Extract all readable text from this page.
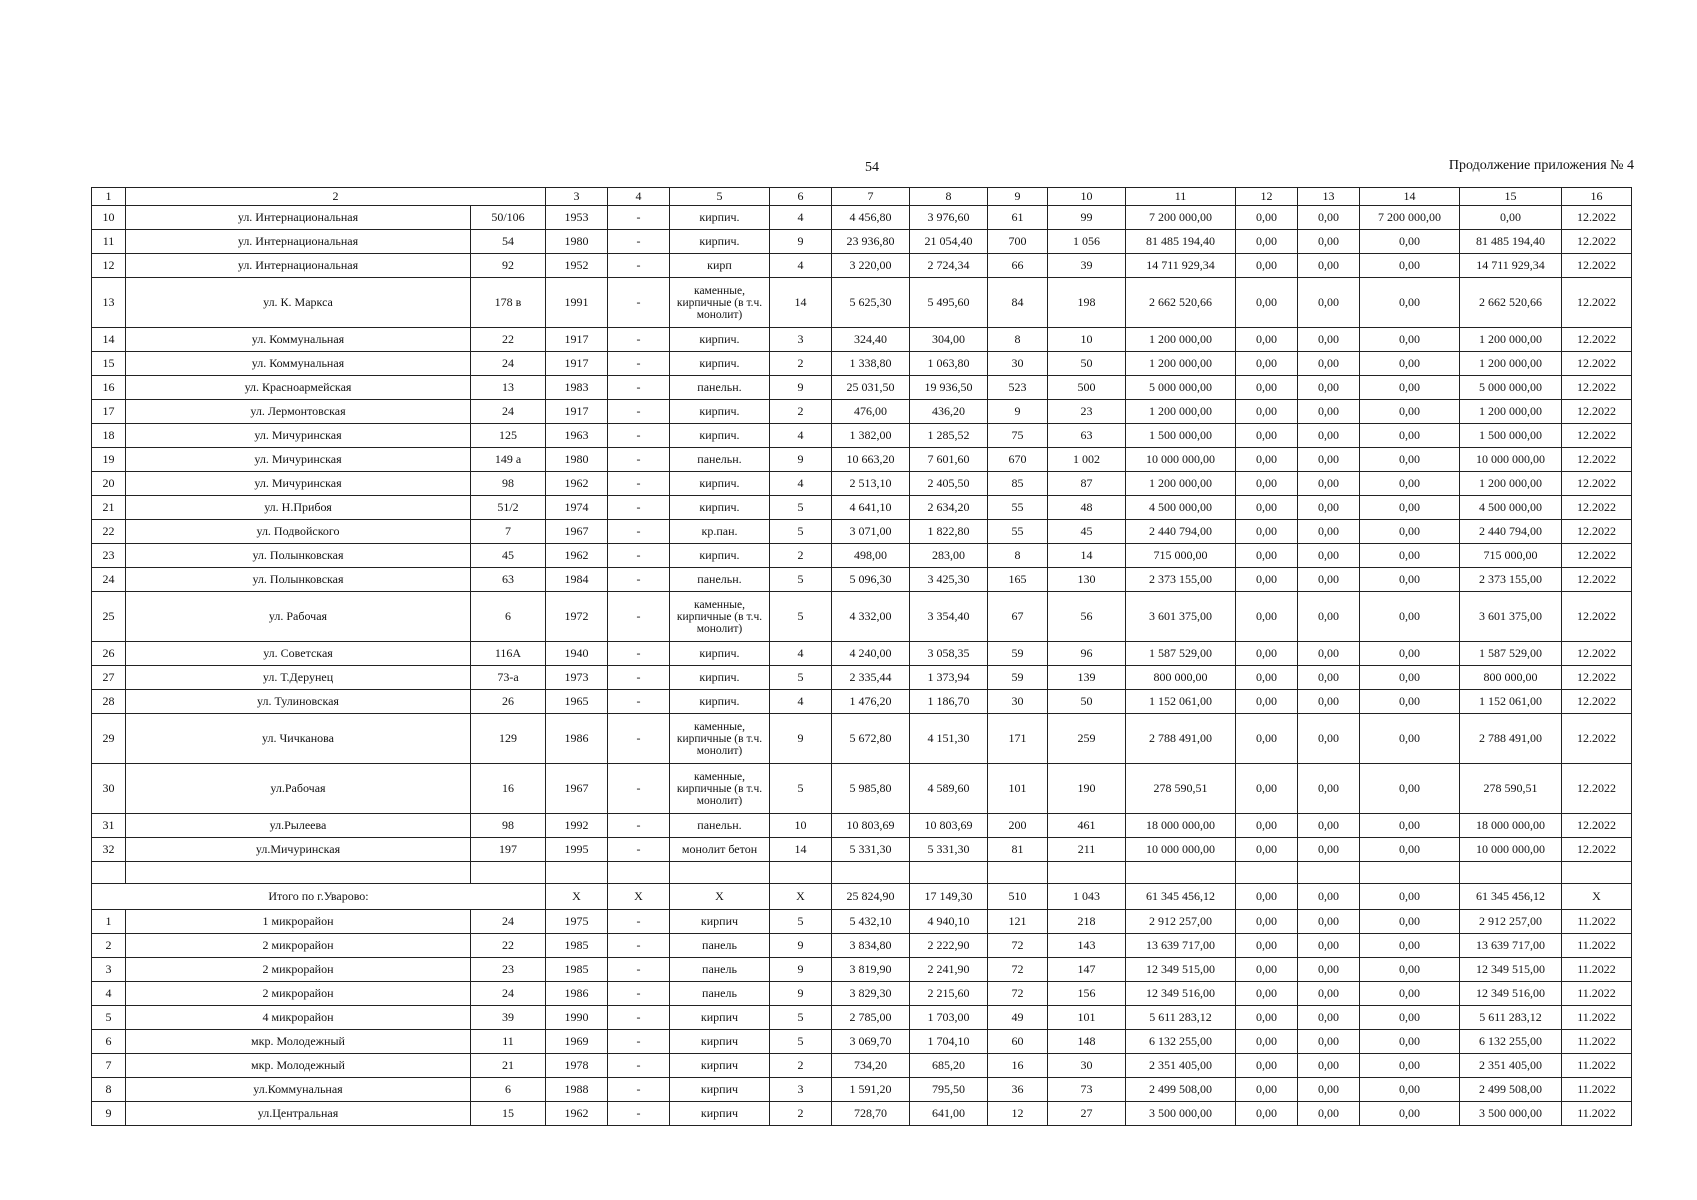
54	Продолжение приложения № 4
1	2		3	4	5	6	7	8	9	10	11	12	13	14	15	16
10	ул. Интернациональная	50/106	1953	-	кирпич.	4	4 456,80	3 976,60	61	99	7 200 000,00	0,00	0,00	7 200 000,00	0,00	12.2022
11	ул. Интернациональная	54	1980	-	кирпич.	9	23 936,80	21 054,40	700	1 056	81 485 194,40	0,00	0,00	0,00	81 485 194,40	12.2022
12	ул. Интернациональная	92	1952	-	кирп	4	3 220,00	2 724,34	66	39	14 711 929,34	0,00	0,00	0,00	14 711 929,34	12.2022
13	ул. К. Маркса	178 в	1991	-	каменные, кирпичные (в т.ч. монолит)	14	5 625,30	5 495,60	84	198	2 662 520,66	0,00	0,00	0,00	2 662 520,66	12.2022
14	ул. Коммунальная	22	1917	-	кирпич.	3	324,40	304,00	8	10	1 200 000,00	0,00	0,00	0,00	1 200 000,00	12.2022
15	ул. Коммунальная	24	1917	-	кирпич.	2	1 338,80	1 063,80	30	50	1 200 000,00	0,00	0,00	0,00	1 200 000,00	12.2022
16	ул. Красноармейская	13	1983	-	панельн.	9	25 031,50	19 936,50	523	500	5 000 000,00	0,00	0,00	0,00	5 000 000,00	12.2022
17	ул. Лермонтовская	24	1917	-	кирпич.	2	476,00	436,20	9	23	1 200 000,00	0,00	0,00	0,00	1 200 000,00	12.2022
18	ул. Мичуринская	125	1963	-	кирпич.	4	1 382,00	1 285,52	75	63	1 500 000,00	0,00	0,00	0,00	1 500 000,00	12.2022
19	ул. Мичуринская	149 а	1980	-	панельн.	9	10 663,20	7 601,60	670	1 002	10 000 000,00	0,00	0,00	0,00	10 000 000,00	12.2022
20	ул. Мичуринская	98	1962	-	кирпич.	4	2 513,10	2 405,50	85	87	1 200 000,00	0,00	0,00	0,00	1 200 000,00	12.2022
21	ул. Н.Прибоя	51/2	1974	-	кирпич.	5	4 641,10	2 634,20	55	48	4 500 000,00	0,00	0,00	0,00	4 500 000,00	12.2022
22	ул. Подвойского	7	1967	-	кр.пан.	5	3 071,00	1 822,80	55	45	2 440 794,00	0,00	0,00	0,00	2 440 794,00	12.2022
23	ул. Полынковская	45	1962	-	кирпич.	2	498,00	283,00	8	14	715 000,00	0,00	0,00	0,00	715 000,00	12.2022
24	ул. Полынковская	63	1984	-	панельн.	5	5 096,30	3 425,30	165	130	2 373 155,00	0,00	0,00	0,00	2 373 155,00	12.2022
25	ул. Рабочая	6	1972	-	каменные, кирпичные (в т.ч. монолит)	5	4 332,00	3 354,40	67	56	3 601 375,00	0,00	0,00	0,00	3 601 375,00	12.2022
26	ул. Советская	116А	1940	-	кирпич.	4	4 240,00	3 058,35	59	96	1 587 529,00	0,00	0,00	0,00	1 587 529,00	12.2022
27	ул. Т.Дерунец	73-а	1973	-	кирпич.	5	2 335,44	1 373,94	59	139	800 000,00	0,00	0,00	0,00	800 000,00	12.2022
28	ул. Тулиновская	26	1965	-	кирпич.	4	1 476,20	1 186,70	30	50	1 152 061,00	0,00	0,00	0,00	1 152 061,00	12.2022
29	ул. Чичканова	129	1986	-	каменные, кирпичные (в т.ч. монолит)	9	5 672,80	4 151,30	171	259	2 788 491,00	0,00	0,00	0,00	2 788 491,00	12.2022
30	ул.Рабочая	16	1967	-	каменные, кирпичные (в т.ч. монолит)	5	5 985,80	4 589,60	101	190	278 590,51	0,00	0,00	0,00	278 590,51	12.2022
31	ул.Рылеева	98	1992	-	панельн.	10	10 803,69	10 803,69	200	461	18 000 000,00	0,00	0,00	0,00	18 000 000,00	12.2022
32	ул.Мичуринская	197	1995	-	монолит бетон	14	5 331,30	5 331,30	81	211	10 000 000,00	0,00	0,00	0,00	10 000 000,00	12.2022

Итого по г.Уварово:			X	X	X	X	25 824,90	17 149,30	510	1 043	61 345 456,12	0,00	0,00	0,00	61 345 456,12	X
1	1 микрорайон	24	1975	-	кирпич	5	5 432,10	4 940,10	121	218	2 912 257,00	0,00	0,00	0,00	2 912 257,00	11.2022
2	2 микрорайон	22	1985	-	панель	9	3 834,80	2 222,90	72	143	13 639 717,00	0,00	0,00	0,00	13 639 717,00	11.2022
3	2 микрорайон	23	1985	-	панель	9	3 819,90	2 241,90	72	147	12 349 515,00	0,00	0,00	0,00	12 349 515,00	11.2022
4	2 микрорайон	24	1986	-	панель	9	3 829,30	2 215,60	72	156	12 349 516,00	0,00	0,00	0,00	12 349 516,00	11.2022
5	4 микрорайон	39	1990	-	кирпич	5	2 785,00	1 703,00	49	101	5 611 283,12	0,00	0,00	0,00	5 611 283,12	11.2022
6	мкр. Молодежный	11	1969	-	кирпич	5	3 069,70	1 704,10	60	148	6 132 255,00	0,00	0,00	0,00	6 132 255,00	11.2022
7	мкр. Молодежный	21	1978	-	кирпич	2	734,20	685,20	16	30	2 351 405,00	0,00	0,00	0,00	2 351 405,00	11.2022
8	ул.Коммунальная	6	1988	-	кирпич	3	1 591,20	795,50	36	73	2 499 508,00	0,00	0,00	0,00	2 499 508,00	11.2022
9	ул.Центральная	15	1962	-	кирпич	2	728,70	641,00	12	27	3 500 000,00	0,00	0,00	0,00	3 500 000,00	11.2022
